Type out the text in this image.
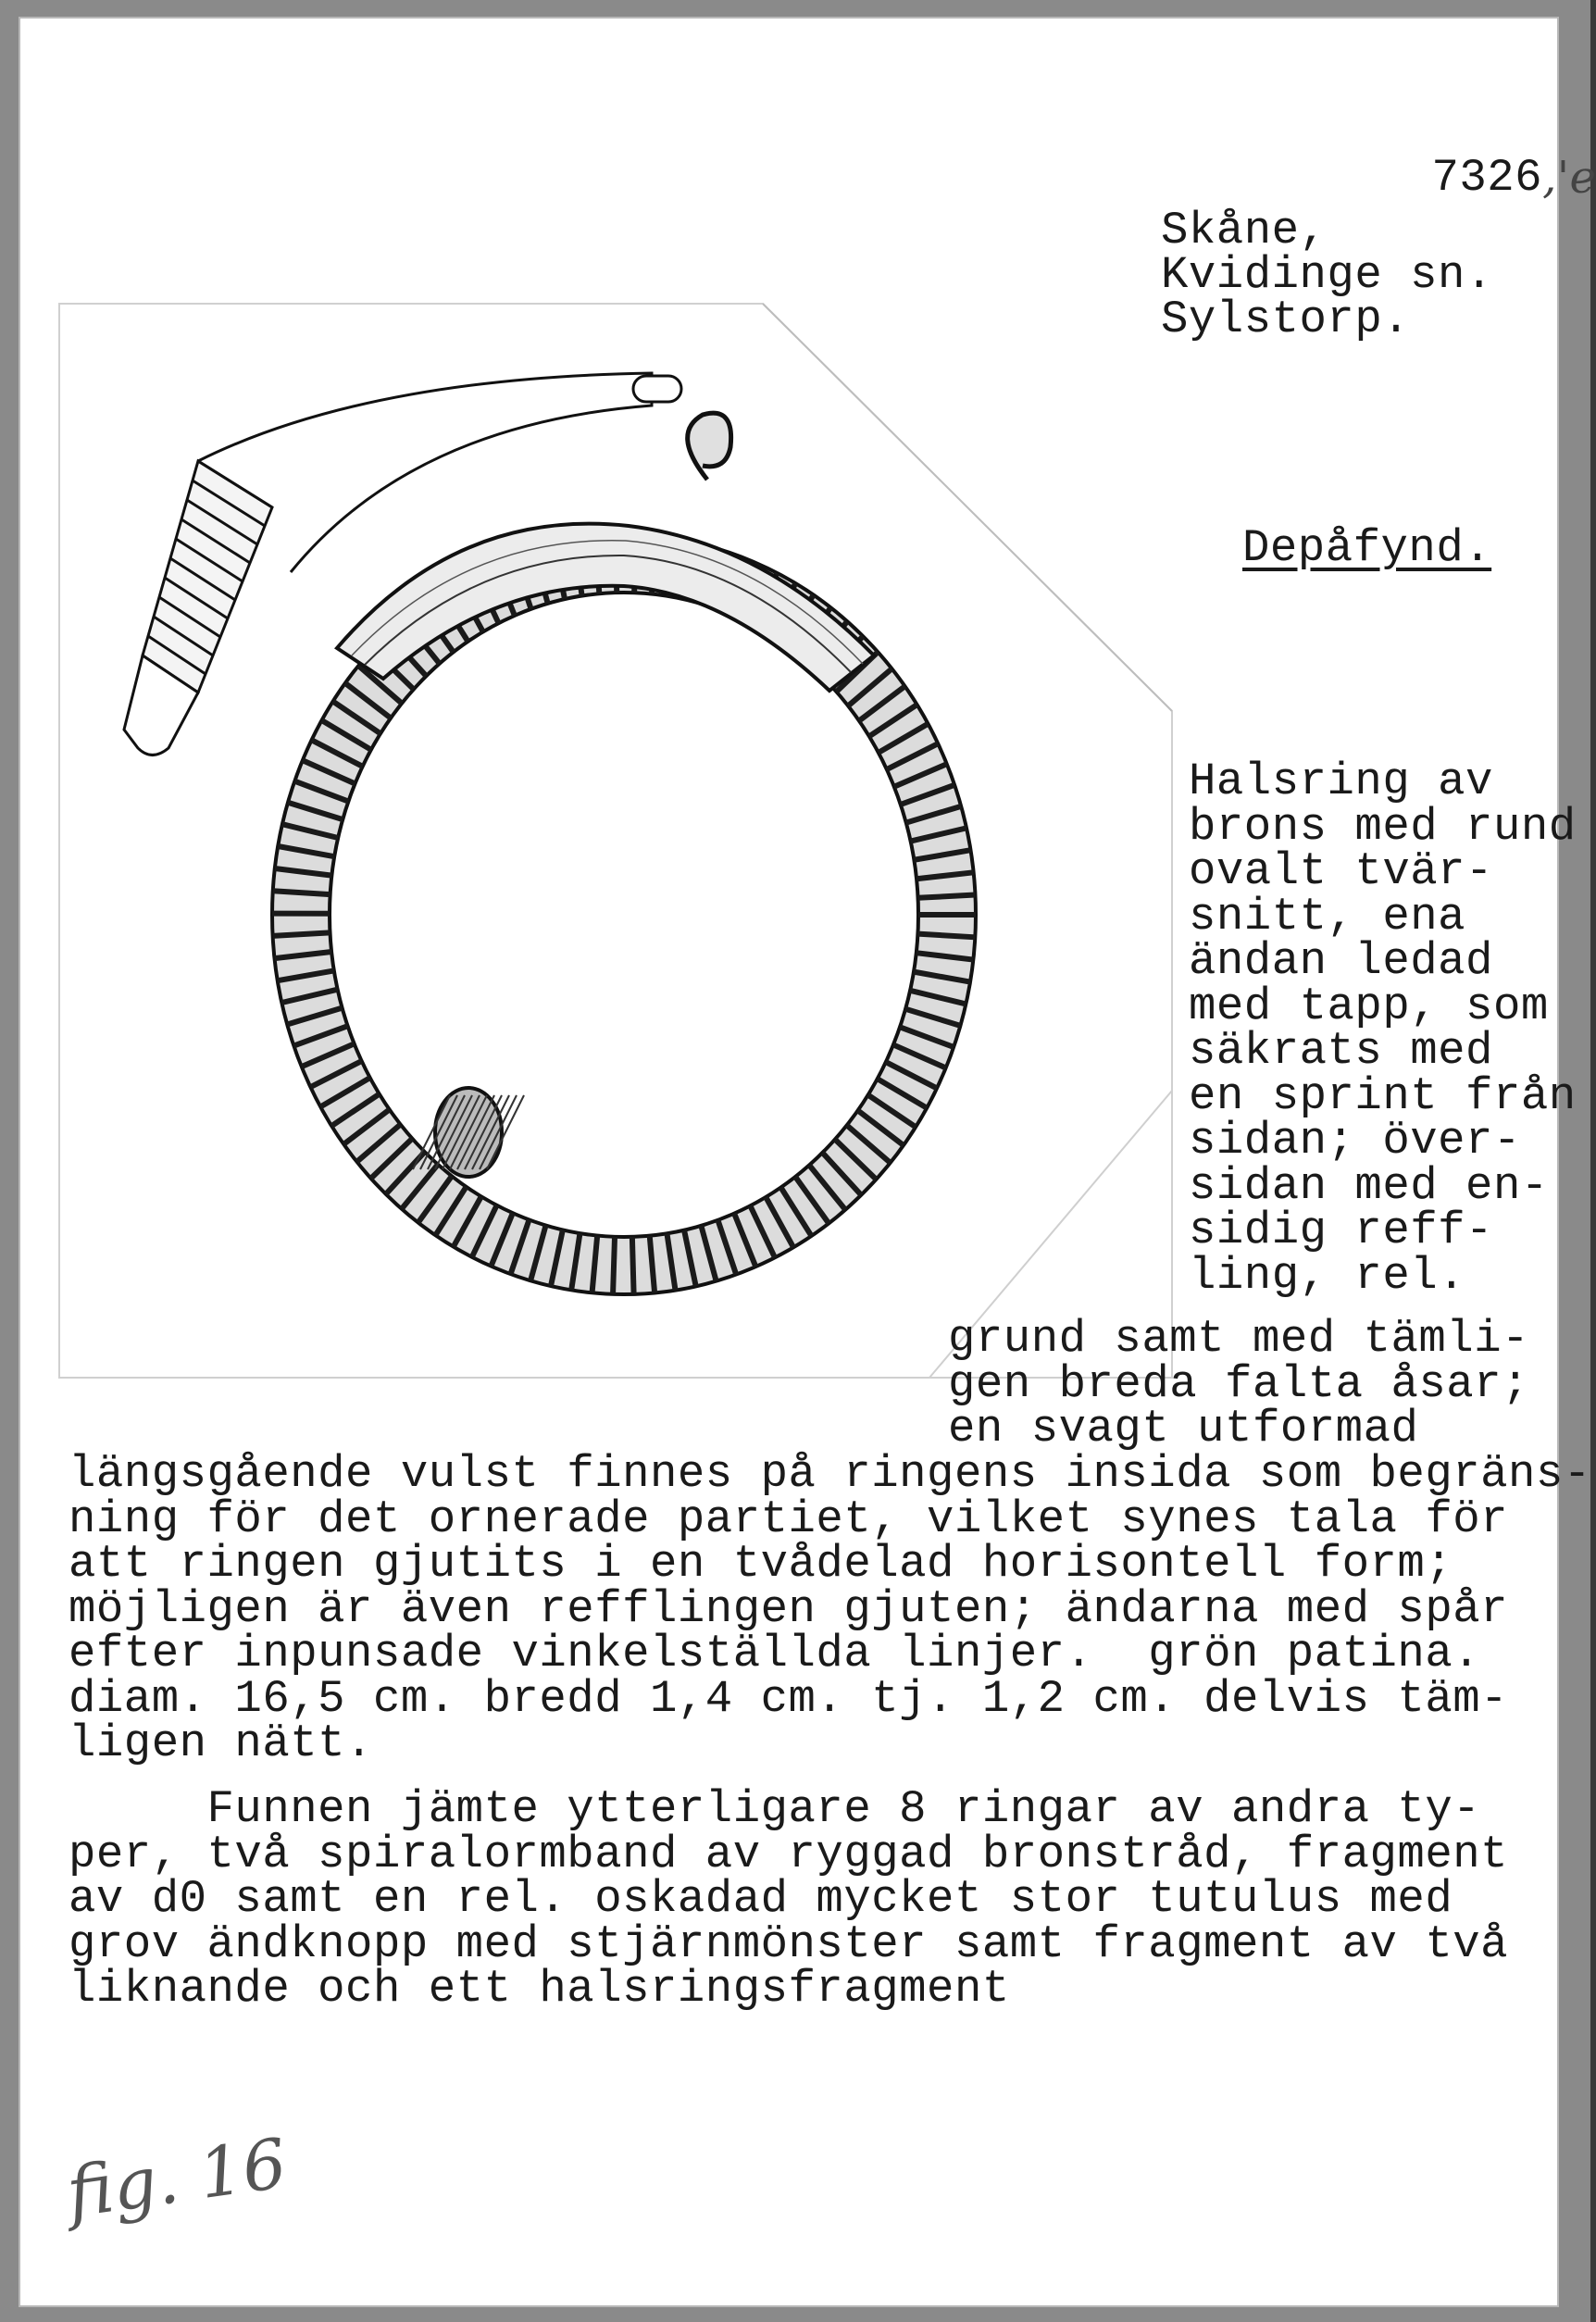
7326 ,'e

Skåne,
Kvidinge sn.
Sylstorp.
Depåfynd.
Halsring av
brons med rund
ovalt tvär-
snitt, ena
ändan ledad
med tapp, som
säkrats med
en sprint från
sidan; över-
sidan med en-
sidig reff-
ling, rel.
grund samt med tämli-
gen breda falta åsar;
en svagt utformad
längsgående vulst finnes på ringens insida som begräns-
ning för det ornerade partiet, vilket synes tala för
att ringen gjutits i en tvådelad horisontell form;
möjligen är även refflingen gjuten; ändarna med spår
efter inpunsade vinkelställda linjer.  grön patina.
diam. 16,5 cm. bredd 1,4 cm. tj. 1,2 cm. delvis täm-
ligen nätt.
Funnen jämte ytterligare 8 ringar av andra ty-
per, två spiralormband av ryggad bronstråd, fragment
av d0 samt en rel. oskadad mycket stor tutulus med
grov ändknopp med stjärnmönster samt fragment av två
liknande och ett halsringsfragment
fig. 16
